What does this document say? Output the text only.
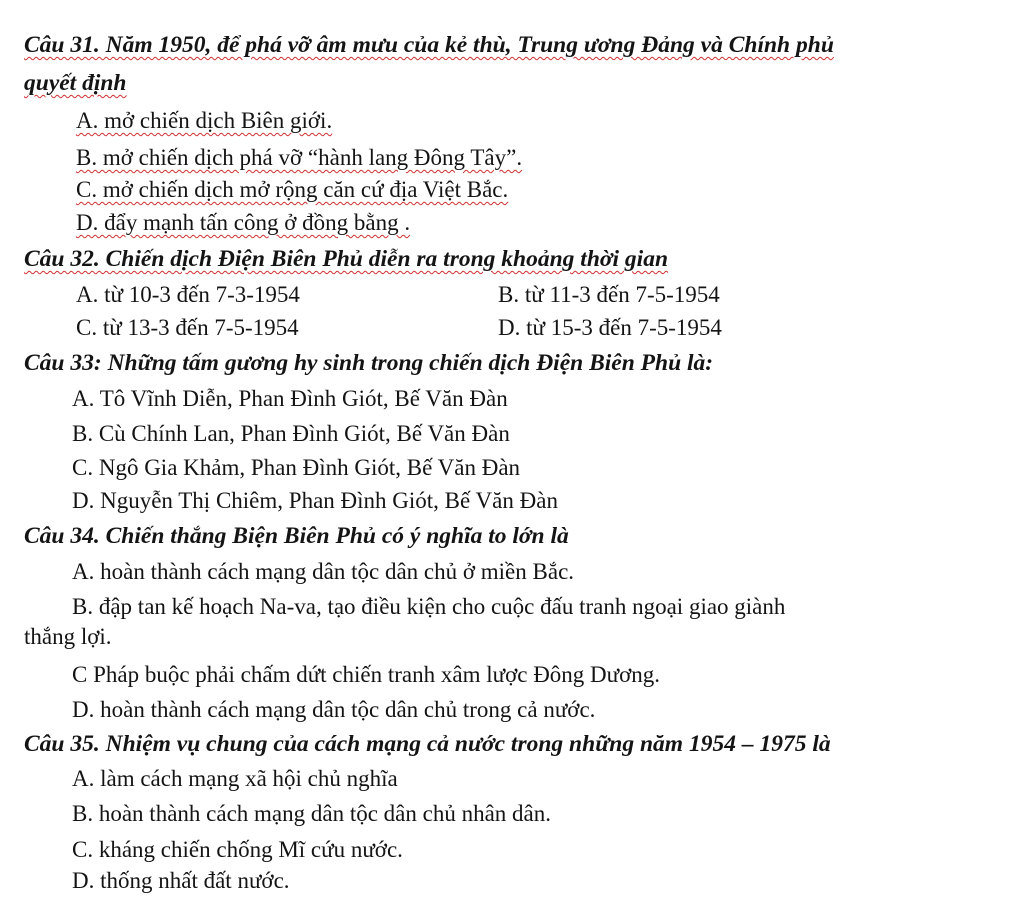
Câu 31. Năm 1950, để phá vỡ âm mưu của kẻ thù, Trung ương Đảng và Chính phủ
quyết định
A. mở chiến dịch Biên giới.
B. mở chiến dịch phá vỡ “hành lang Đông Tây”.
C. mở chiến dịch mở rộng căn cứ địa Việt Bắc.
D. đẩy mạnh tấn công ở đồng bằng .
Câu 32. Chiến dịch Điện Biên Phủ diễn ra trong khoảng thời gian
A. từ 10-3 đến 7-3-1954	B. từ 11-3 đến 7-5-1954
C. từ 13-3 đến 7-5-1954	D. từ 15-3 đến 7-5-1954
Câu 33: Những tấm gương hy sinh trong chiến dịch Điện Biên Phủ là:
A. Tô Vĩnh Diễn, Phan Đình Giót, Bế Văn Đàn
B. Cù Chính Lan, Phan Đình Giót, Bế Văn Đàn
C. Ngô Gia Khảm, Phan Đình Giót, Bế Văn Đàn
D. Nguyễn Thị Chiêm, Phan Đình Giót, Bế Văn Đàn
Câu 34. Chiến thắng Biện Biên Phủ có ý nghĩa to lớn là
A. hoàn thành cách mạng dân tộc dân chủ ở miền Bắc.
B. đập tan kế hoạch Na-va, tạo điều kiện cho cuộc đấu tranh ngoại giao giành
thắng lợi.
C Pháp buộc phải chấm dứt chiến tranh xâm lược Đông Dương.
D. hoàn thành cách mạng dân tộc dân chủ trong cả nước.
Câu 35. Nhiệm vụ chung của cách mạng cả nước trong những năm 1954 – 1975 là
A. làm cách mạng xã hội chủ nghĩa
B. hoàn thành cách mạng dân tộc dân chủ nhân dân.
C. kháng chiến chống Mĩ cứu nước.
D. thống nhất đất nước.
